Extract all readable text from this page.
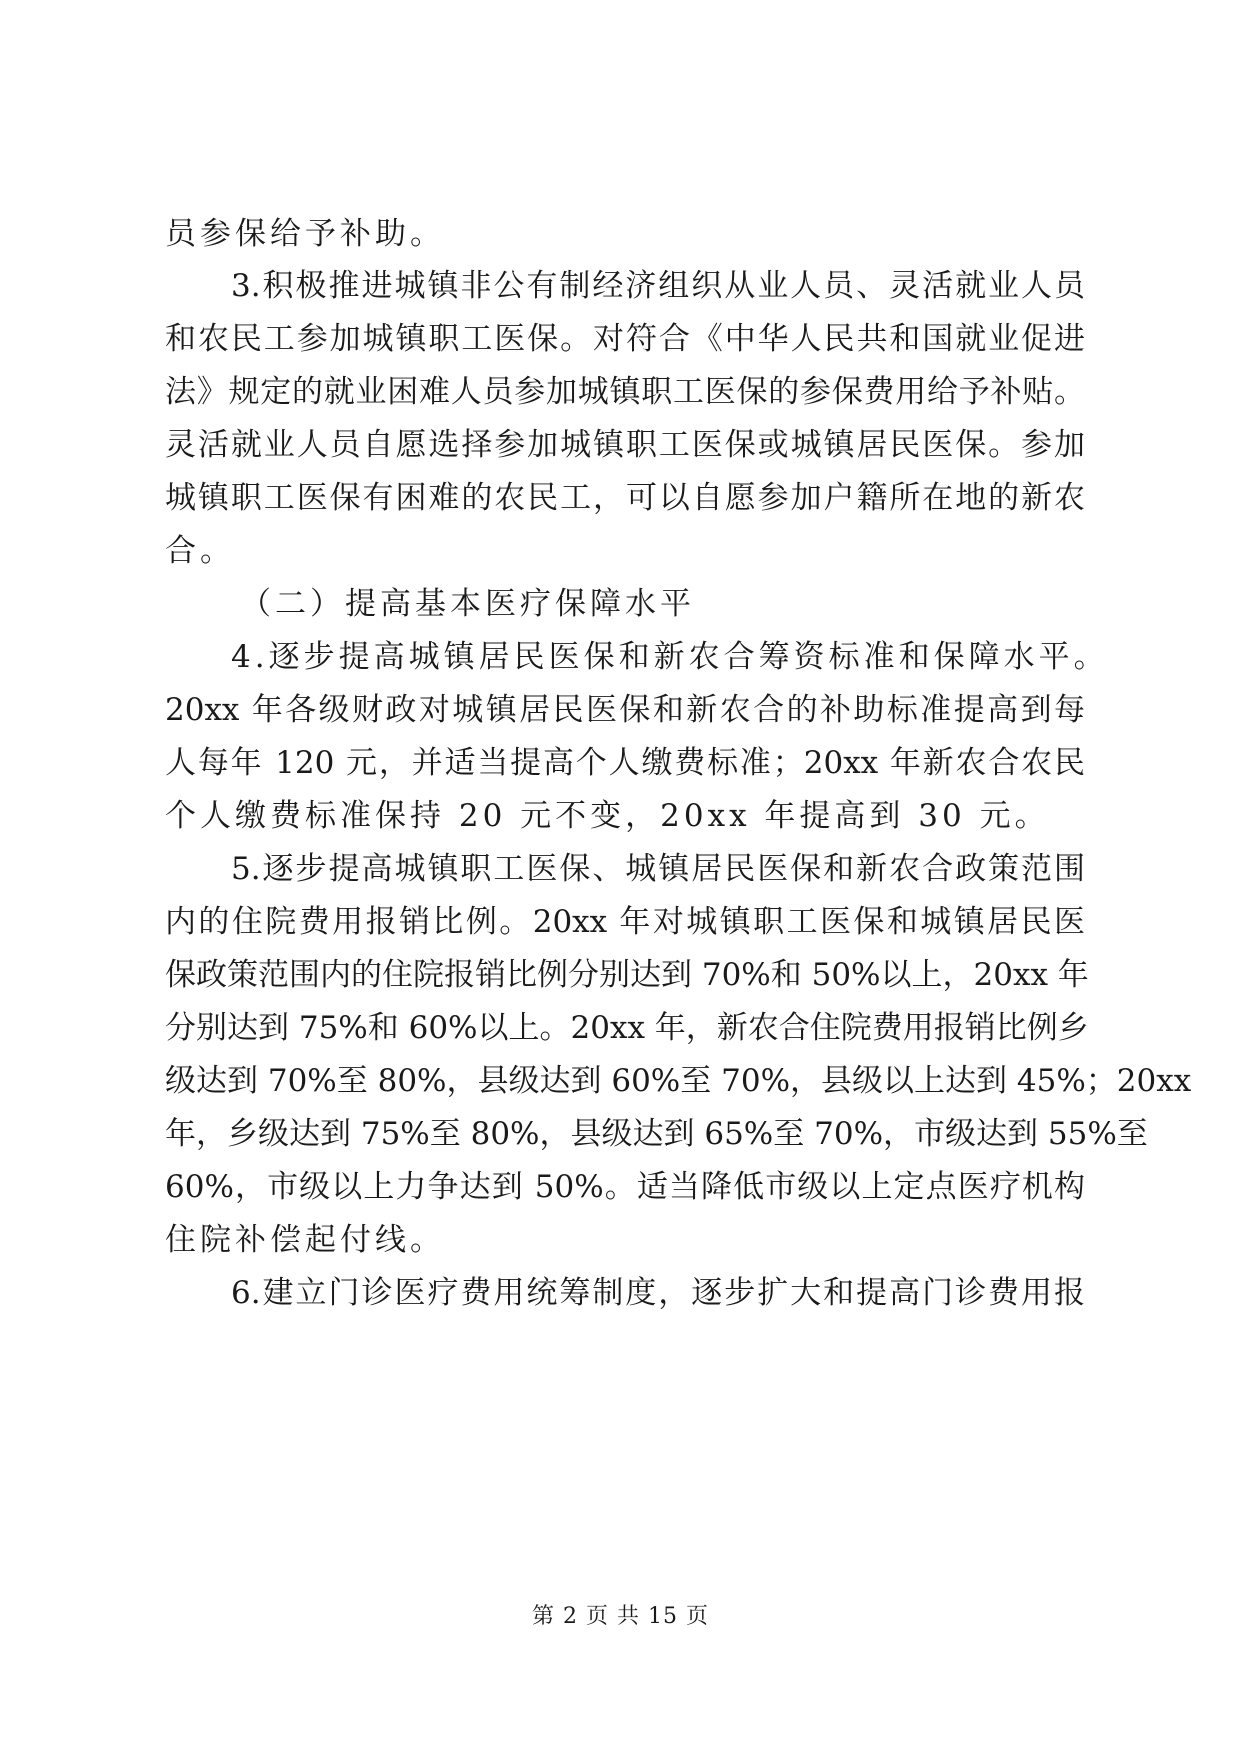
员参保给予补助。
3.积极推进城镇非公有制经济组织从业人员、灵活就业人员
和农民工参加城镇职工医保。对符合《中华人民共和国就业促进
法》规定的就业困难人员参加城镇职工医保的参保费用给予补贴。
灵活就业人员自愿选择参加城镇职工医保或城镇居民医保。参加
城镇职工医保有困难的农民工，可以自愿参加户籍所在地的新农
合。
（二）提高基本医疗保障水平
4.逐步提高城镇居民医保和新农合筹资标准和保障水平。
20xx 年各级财政对城镇居民医保和新农合的补助标准提高到每
人每年 120 元，并适当提高个人缴费标准；20xx 年新农合农民
个人缴费标准保持 20 元不变，20xx 年提高到 30 元。
5.逐步提高城镇职工医保、城镇居民医保和新农合政策范围
内的住院费用报销比例。20xx 年对城镇职工医保和城镇居民医
保政策范围内的住院报销比例分别达到 70%和 50%以上，20xx 年
分别达到 75%和 60%以上。20xx 年，新农合住院费用报销比例乡
级达到 70%至 80%，县级达到 60%至 70%，县级以上达到 45%；20xx
年，乡级达到 75%至 80%，县级达到 65%至 70%，市级达到 55%至
60%，市级以上力争达到 50%。适当降低市级以上定点医疗机构
住院补偿起付线。
6.建立门诊医疗费用统筹制度，逐步扩大和提高门诊费用报
第 2 页 共 15 页
